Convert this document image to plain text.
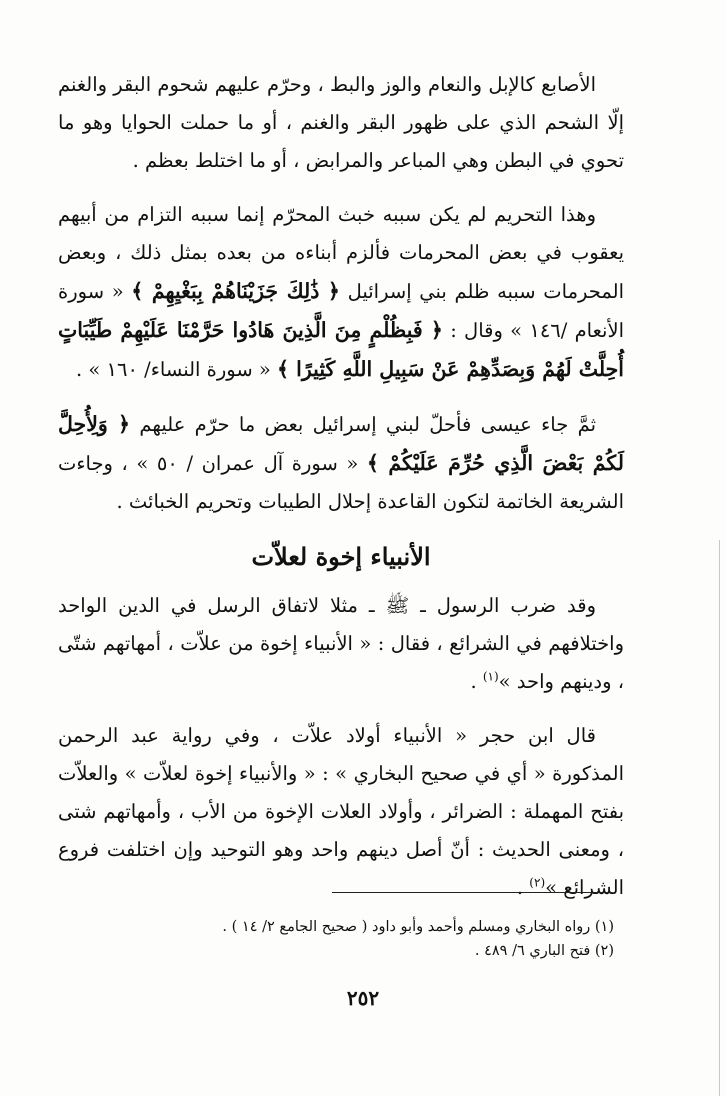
الأصابع كالإبل والنعام والوز والبط ، وحرّم عليهم شحوم البقر والغنم إلّا الشحم الذي على ظهور البقر والغنم ، أو ما حملت الحوايا وهو ما تحوي في البطن وهي المباعر والمرابض ، أو ما اختلط بعظم .

وهذا التحريم لم يكن سببه خبث المحرّم إنما سببه التزام من أبيهم يعقوب في بعض المحرمات فألزم أبناءه من بعده بمثل ذلك ، وبعض المحرمات سببه ظلم بني إسرائيل ﴿ ذَٰلِكَ جَزَيْنَاهُمْ بِبَغْيِهِمْ ﴾ « سورة الأنعام /١٤٦ » وقال : ﴿ فَبِظُلْمٍ مِنَ الَّذِينَ هَادُوا حَرَّمْنَا عَلَيْهِمْ طَيِّبَاتٍ أُحِلَّتْ لَهُمْ وَبِصَدِّهِمْ عَنْ سَبِيلِ اللَّهِ كَثِيرًا ﴾ « سورة النساء/ ١٦٠ » .

ثمَّ جاء عيسى فأحلّ لبني إسرائيل بعض ما حرّم عليهم ﴿ وَلِأُحِلَّ لَكُمْ بَعْضَ الَّذِي حُرِّمَ عَلَيْكُمْ ﴾ « سورة آل عمران / ٥٠ » ، وجاءت الشريعة الخاتمة لتكون القاعدة إحلال الطيبات وتحريم الخبائث .

الأنبياء إخوة لعلاّت

وقد ضرب الرسول ـ ﷺ ـ مثلا لاتفاق الرسل في الدين الواحد واختلافهم في الشرائع ، فقال : « الأنبياء إخوة من علاّت ، أمهاتهم شتّى ، ودينهم واحد »$^{(١)}$ .

قال ابن حجر « الأنبياء أولاد علاّت ، وفي رواية عبد الرحمن المذكورة « أي في صحيح البخاري » : « والأنبياء إخوة لعلاّت » والعلاّت بفتح المهملة : الضرائر ، وأولاد العلات الإخوة من الأب ، وأمهاتهم شتى ، ومعنى الحديث : أنّ أصل دينهم واحد وهو التوحيد وإن اختلفت فروع الشرائع »$^{(٢)}$ .

(١) رواه البخاري ومسلم وأحمد وأبو داود ( صحيح الجامع ٢/ ١٤ ) .

(٢) فتح الباري ٦/ ٤٨٩ .

٢٥٢
